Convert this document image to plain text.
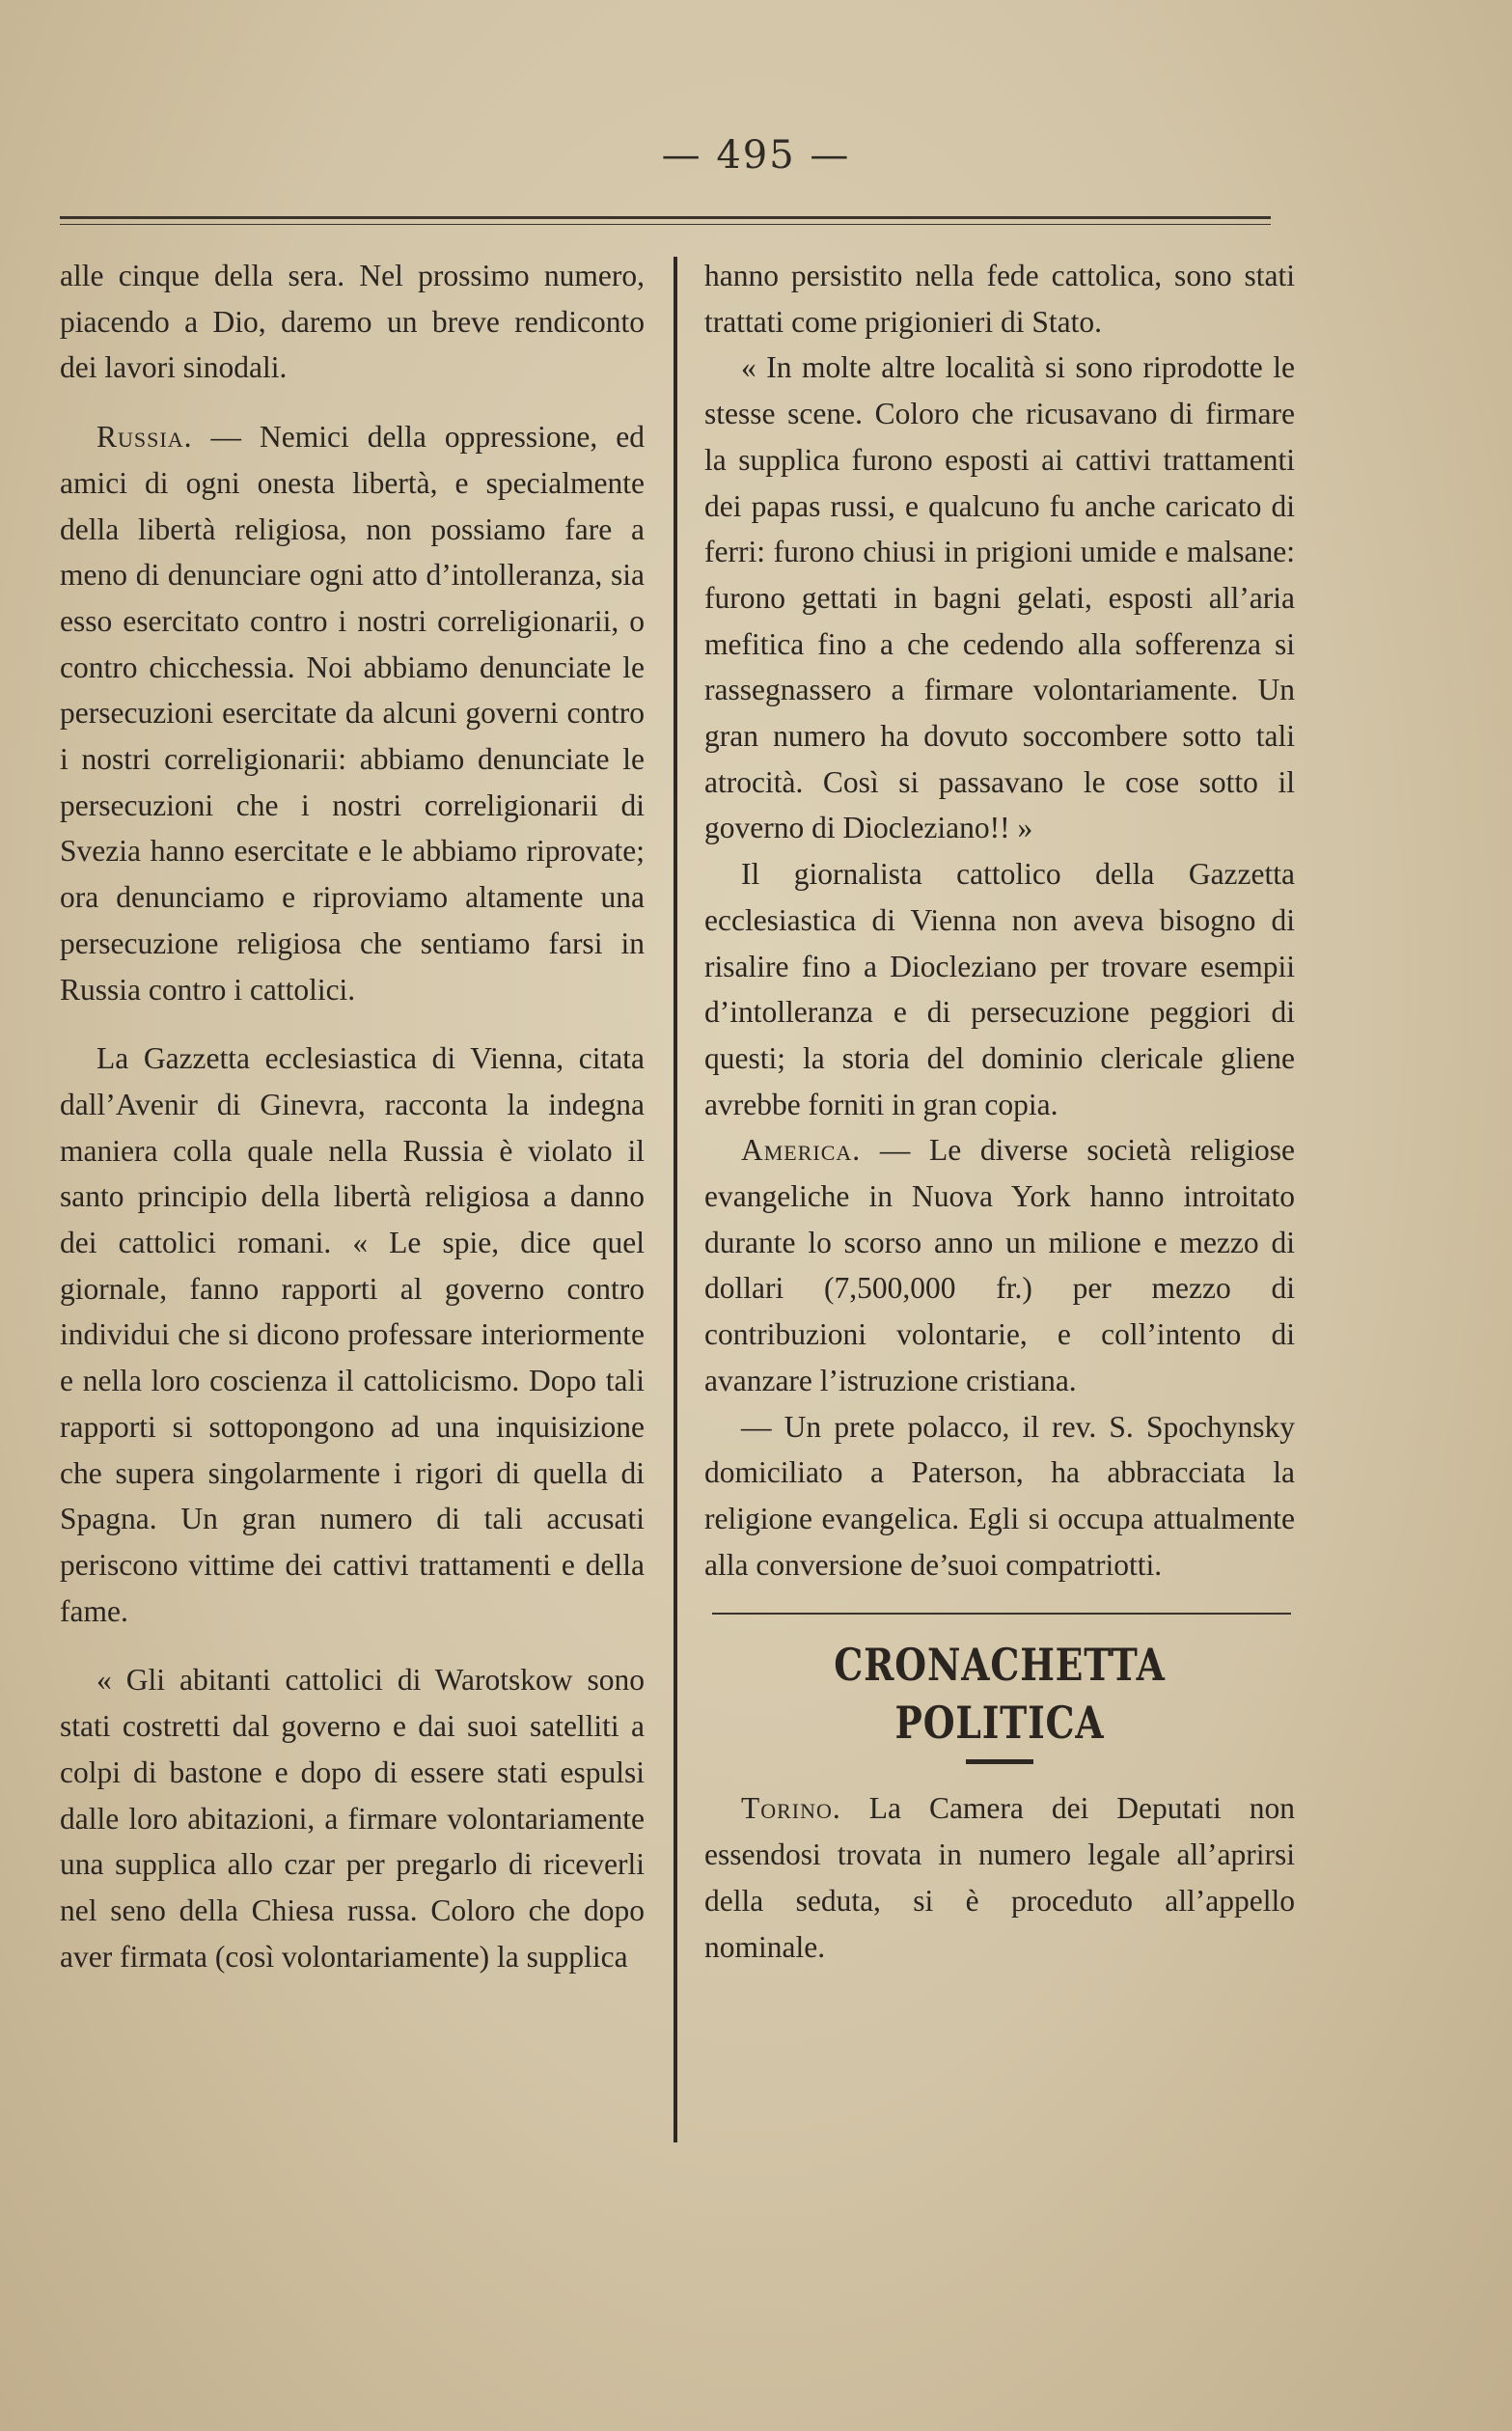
— 495 —

alle cinque della sera. Nel prossimo numero, piacendo a Dio, daremo un breve rendiconto dei lavori sinodali.

Russia. — Nemici della oppressione, ed amici di ogni onesta libertà, e specialmente della libertà religiosa, non possiamo fare a meno di denunciare ogni atto d’intolleranza, sia esso esercitato contro i nostri correligionarii, o contro chicchessia. Noi abbiamo denunciate le persecuzioni esercitate da alcuni governi contro i nostri correligionarii: abbiamo denunciate le persecuzioni che i nostri correligionarii di Svezia hanno esercitate e le abbiamo riprovate; ora denunciamo e riproviamo altamente una persecuzione religiosa che sentiamo farsi in Russia contro i cattolici.

La Gazzetta ecclesiastica di Vienna, citata dall’Avenir di Ginevra, racconta la indegna maniera colla quale nella Russia è violato il santo principio della libertà religiosa a danno dei cattolici romani. « Le spie, dice quel giornale, fanno rapporti al governo contro individui che si dicono professare interiormente e nella loro coscienza il cattolicismo. Dopo tali rapporti si sottopongono ad una inquisizione che supera singolarmente i rigori di quella di Spagna. Un gran numero di tali accusati periscono vittime dei cattivi trattamenti e della fame.

« Gli abitanti cattolici di Warotskow sono stati costretti dal governo e dai suoi satelliti a colpi di bastone e dopo di essere stati espulsi dalle loro abitazioni, a firmare volontariamente una supplica allo czar per pregarlo di riceverli nel seno della Chiesa russa. Coloro che dopo aver firmata (così volontariamente) la supplica

hanno persistito nella fede cattolica, sono stati trattati come prigionieri di Stato.

« In molte altre località si sono riprodotte le stesse scene. Coloro che ricusavano di firmare la supplica furono esposti ai cattivi trattamenti dei papas russi, e qualcuno fu anche caricato di ferri: furono chiusi in prigioni umide e malsane: furono gettati in bagni gelati, esposti all’aria mefitica fino a che cedendo alla sofferenza si rassegnassero a firmare volontariamente. Un gran numero ha dovuto soccombere sotto tali atrocità. Così si passavano le cose sotto il governo di Diocleziano!! »

Il giornalista cattolico della Gazzetta ecclesiastica di Vienna non aveva bisogno di risalire fino a Diocleziano per trovare esempii d’intolleranza e di persecuzione peggiori di questi; la storia del dominio clericale gliene avrebbe forniti in gran copia.

America. — Le diverse società religiose evangeliche in Nuova York hanno introitato durante lo scorso anno un milione e mezzo di dollari (7,500,000 fr.) per mezzo di contribuzioni volontarie, e coll’intento di avanzare l’istruzione cristiana.

— Un prete polacco, il rev. S. Spochynsky domiciliato a Paterson, ha abbracciata la religione evangelica. Egli si occupa attualmente alla conversione de’suoi compatriotti.

CRONACHETTA POLITICA

Torino. La Camera dei Deputati non essendosi trovata in numero legale all’aprirsi della seduta, si è proceduto all’appello nominale.
